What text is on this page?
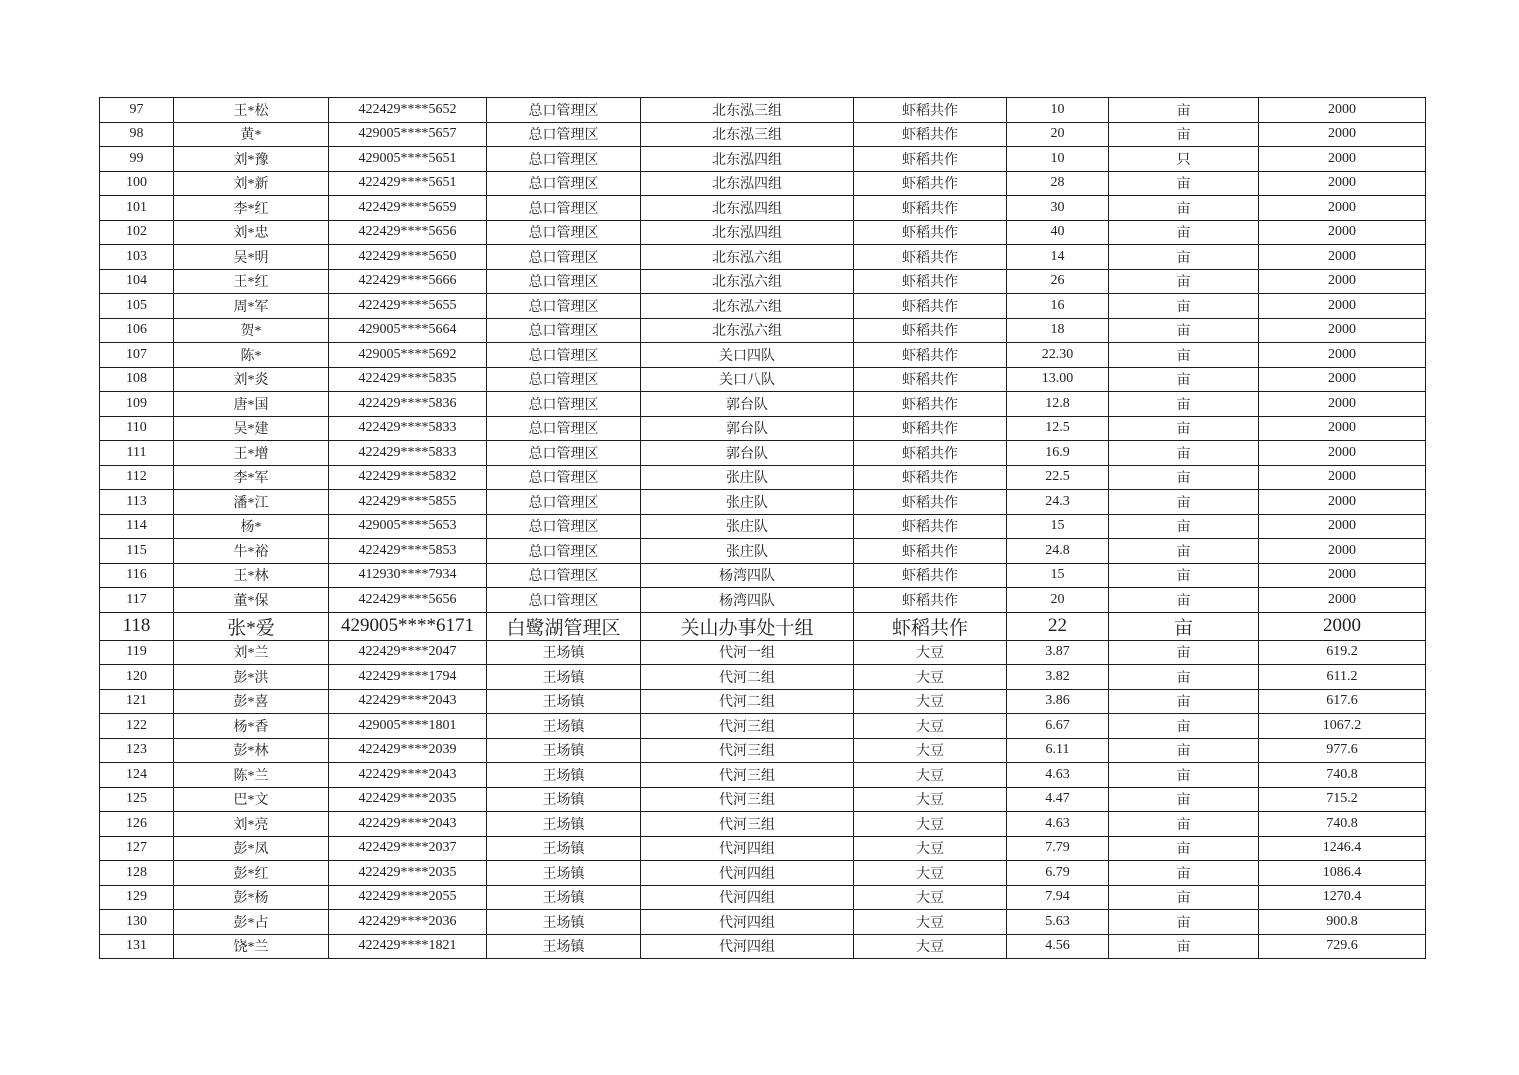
97	王*松	422429****5652	总口管理区	北东泓三组	虾稻共作	10	亩	2000
98	黄*	429005****5657	总口管理区	北东泓三组	虾稻共作	20	亩	2000
99	刘*豫	429005****5651	总口管理区	北东泓四组	虾稻共作	10	只	2000
100	刘*新	422429****5651	总口管理区	北东泓四组	虾稻共作	28	亩	2000
101	李*红	422429****5659	总口管理区	北东泓四组	虾稻共作	30	亩	2000
102	刘*忠	422429****5656	总口管理区	北东泓四组	虾稻共作	40	亩	2000
103	吴*明	422429****5650	总口管理区	北东泓六组	虾稻共作	14	亩	2000
104	王*红	422429****5666	总口管理区	北东泓六组	虾稻共作	26	亩	2000
105	周*军	422429****5655	总口管理区	北东泓六组	虾稻共作	16	亩	2000
106	贺*	429005****5664	总口管理区	北东泓六组	虾稻共作	18	亩	2000
107	陈*	429005****5692	总口管理区	关口四队	虾稻共作	22.30	亩	2000
108	刘*炎	422429****5835	总口管理区	关口八队	虾稻共作	13.00	亩	2000
109	唐*国	422429****5836	总口管理区	郭台队	虾稻共作	12.8	亩	2000
110	吴*建	422429****5833	总口管理区	郭台队	虾稻共作	12.5	亩	2000
111	王*增	422429****5833	总口管理区	郭台队	虾稻共作	16.9	亩	2000
112	李*军	422429****5832	总口管理区	张庄队	虾稻共作	22.5	亩	2000
113	潘*江	422429****5855	总口管理区	张庄队	虾稻共作	24.3	亩	2000
114	杨*	429005****5653	总口管理区	张庄队	虾稻共作	15	亩	2000
115	牛*裕	422429****5853	总口管理区	张庄队	虾稻共作	24.8	亩	2000
116	王*林	412930****7934	总口管理区	杨湾四队	虾稻共作	15	亩	2000
117	董*保	422429****5656	总口管理区	杨湾四队	虾稻共作	20	亩	2000
118	张*爱	429005****6171	白鹭湖管理区	关山办事处十组	虾稻共作	22	亩	2000
119	刘*兰	422429****2047	王场镇	代河一组	大豆	3.87	亩	619.2
120	彭*洪	422429****1794	王场镇	代河二组	大豆	3.82	亩	611.2
121	彭*喜	422429****2043	王场镇	代河二组	大豆	3.86	亩	617.6
122	杨*香	429005****1801	王场镇	代河三组	大豆	6.67	亩	1067.2
123	彭*林	422429****2039	王场镇	代河三组	大豆	6.11	亩	977.6
124	陈*兰	422429****2043	王场镇	代河三组	大豆	4.63	亩	740.8
125	巴*文	422429****2035	王场镇	代河三组	大豆	4.47	亩	715.2
126	刘*亮	422429****2043	王场镇	代河三组	大豆	4.63	亩	740.8
127	彭*凤	422429****2037	王场镇	代河四组	大豆	7.79	亩	1246.4
128	彭*红	422429****2035	王场镇	代河四组	大豆	6.79	亩	1086.4
129	彭*杨	422429****2055	王场镇	代河四组	大豆	7.94	亩	1270.4
130	彭*占	422429****2036	王场镇	代河四组	大豆	5.63	亩	900.8
131	饶*兰	422429****1821	王场镇	代河四组	大豆	4.56	亩	729.6
